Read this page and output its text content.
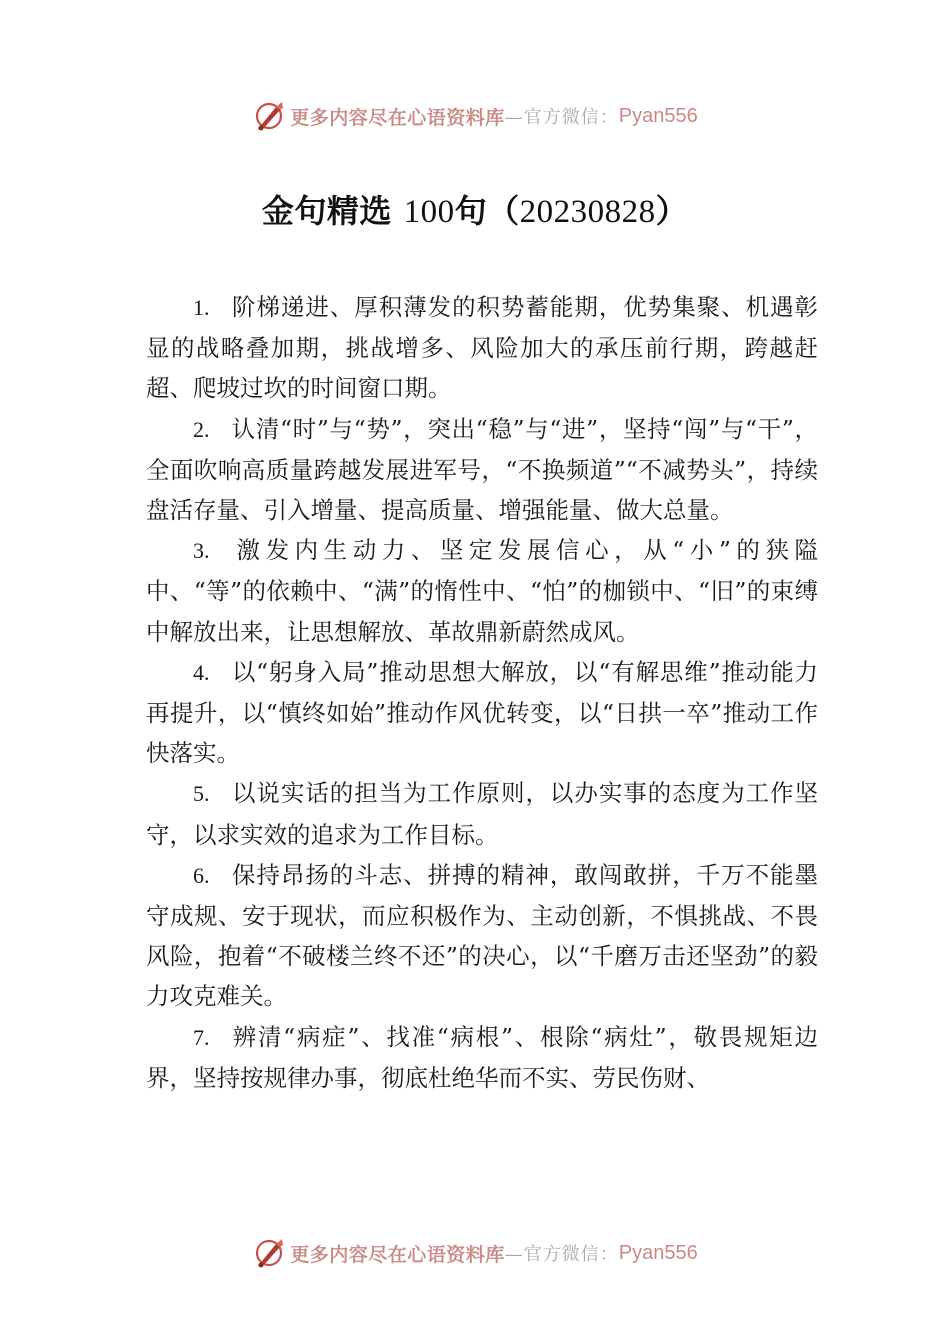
更多内容尽在心语资料库 —官方微信： Pyan556
金句精选 100句（20230828）

1. 阶梯递进、厚积薄发的积势蓄能期，优势集聚、机遇彰显的战略叠加期，挑战增多、风险加大的承压前行期，跨越赶超、爬坡过坎的时间窗口期。

2. 认清“时”与“势”，突出“稳”与“进”，坚持“闯”与“干”，全面吹响高质量跨越发展进军号，“不换频道”“不减势头”，持续盘活存量、引入增量、提高质量、增强能量、做大总量。

3. 激发内生动力、坚定发展信心，从“小”的狭隘中、“等”的依赖中、“满”的惰性中、“怕”的枷锁中、“旧”的束缚中解放出来，让思想解放、革故鼎新蔚然成风。

4. 以“躬身入局”推动思想大解放，以“有解思维”推动能力再提升，以“慎终如始”推动作风优转变，以“日拱一卒”推动工作快落实。

5. 以说实话的担当为工作原则，以办实事的态度为工作坚守，以求实效的追求为工作目标。

6. 保持昂扬的斗志、拼搏的精神，敢闯敢拼，千万不能墨守成规、安于现状，而应积极作为、主动创新，不惧挑战、不畏风险，抱着“不破楼兰终不还”的决心，以“千磨万击还坚劲”的毅力攻克难关。

7. 辨清“病症”、找准“病根”、根除“病灶”，敬畏规矩边界，坚持按规律办事，彻底杜绝华而不实、劳民伤财、

更多内容尽在心语资料库 —官方微信： Pyan556
